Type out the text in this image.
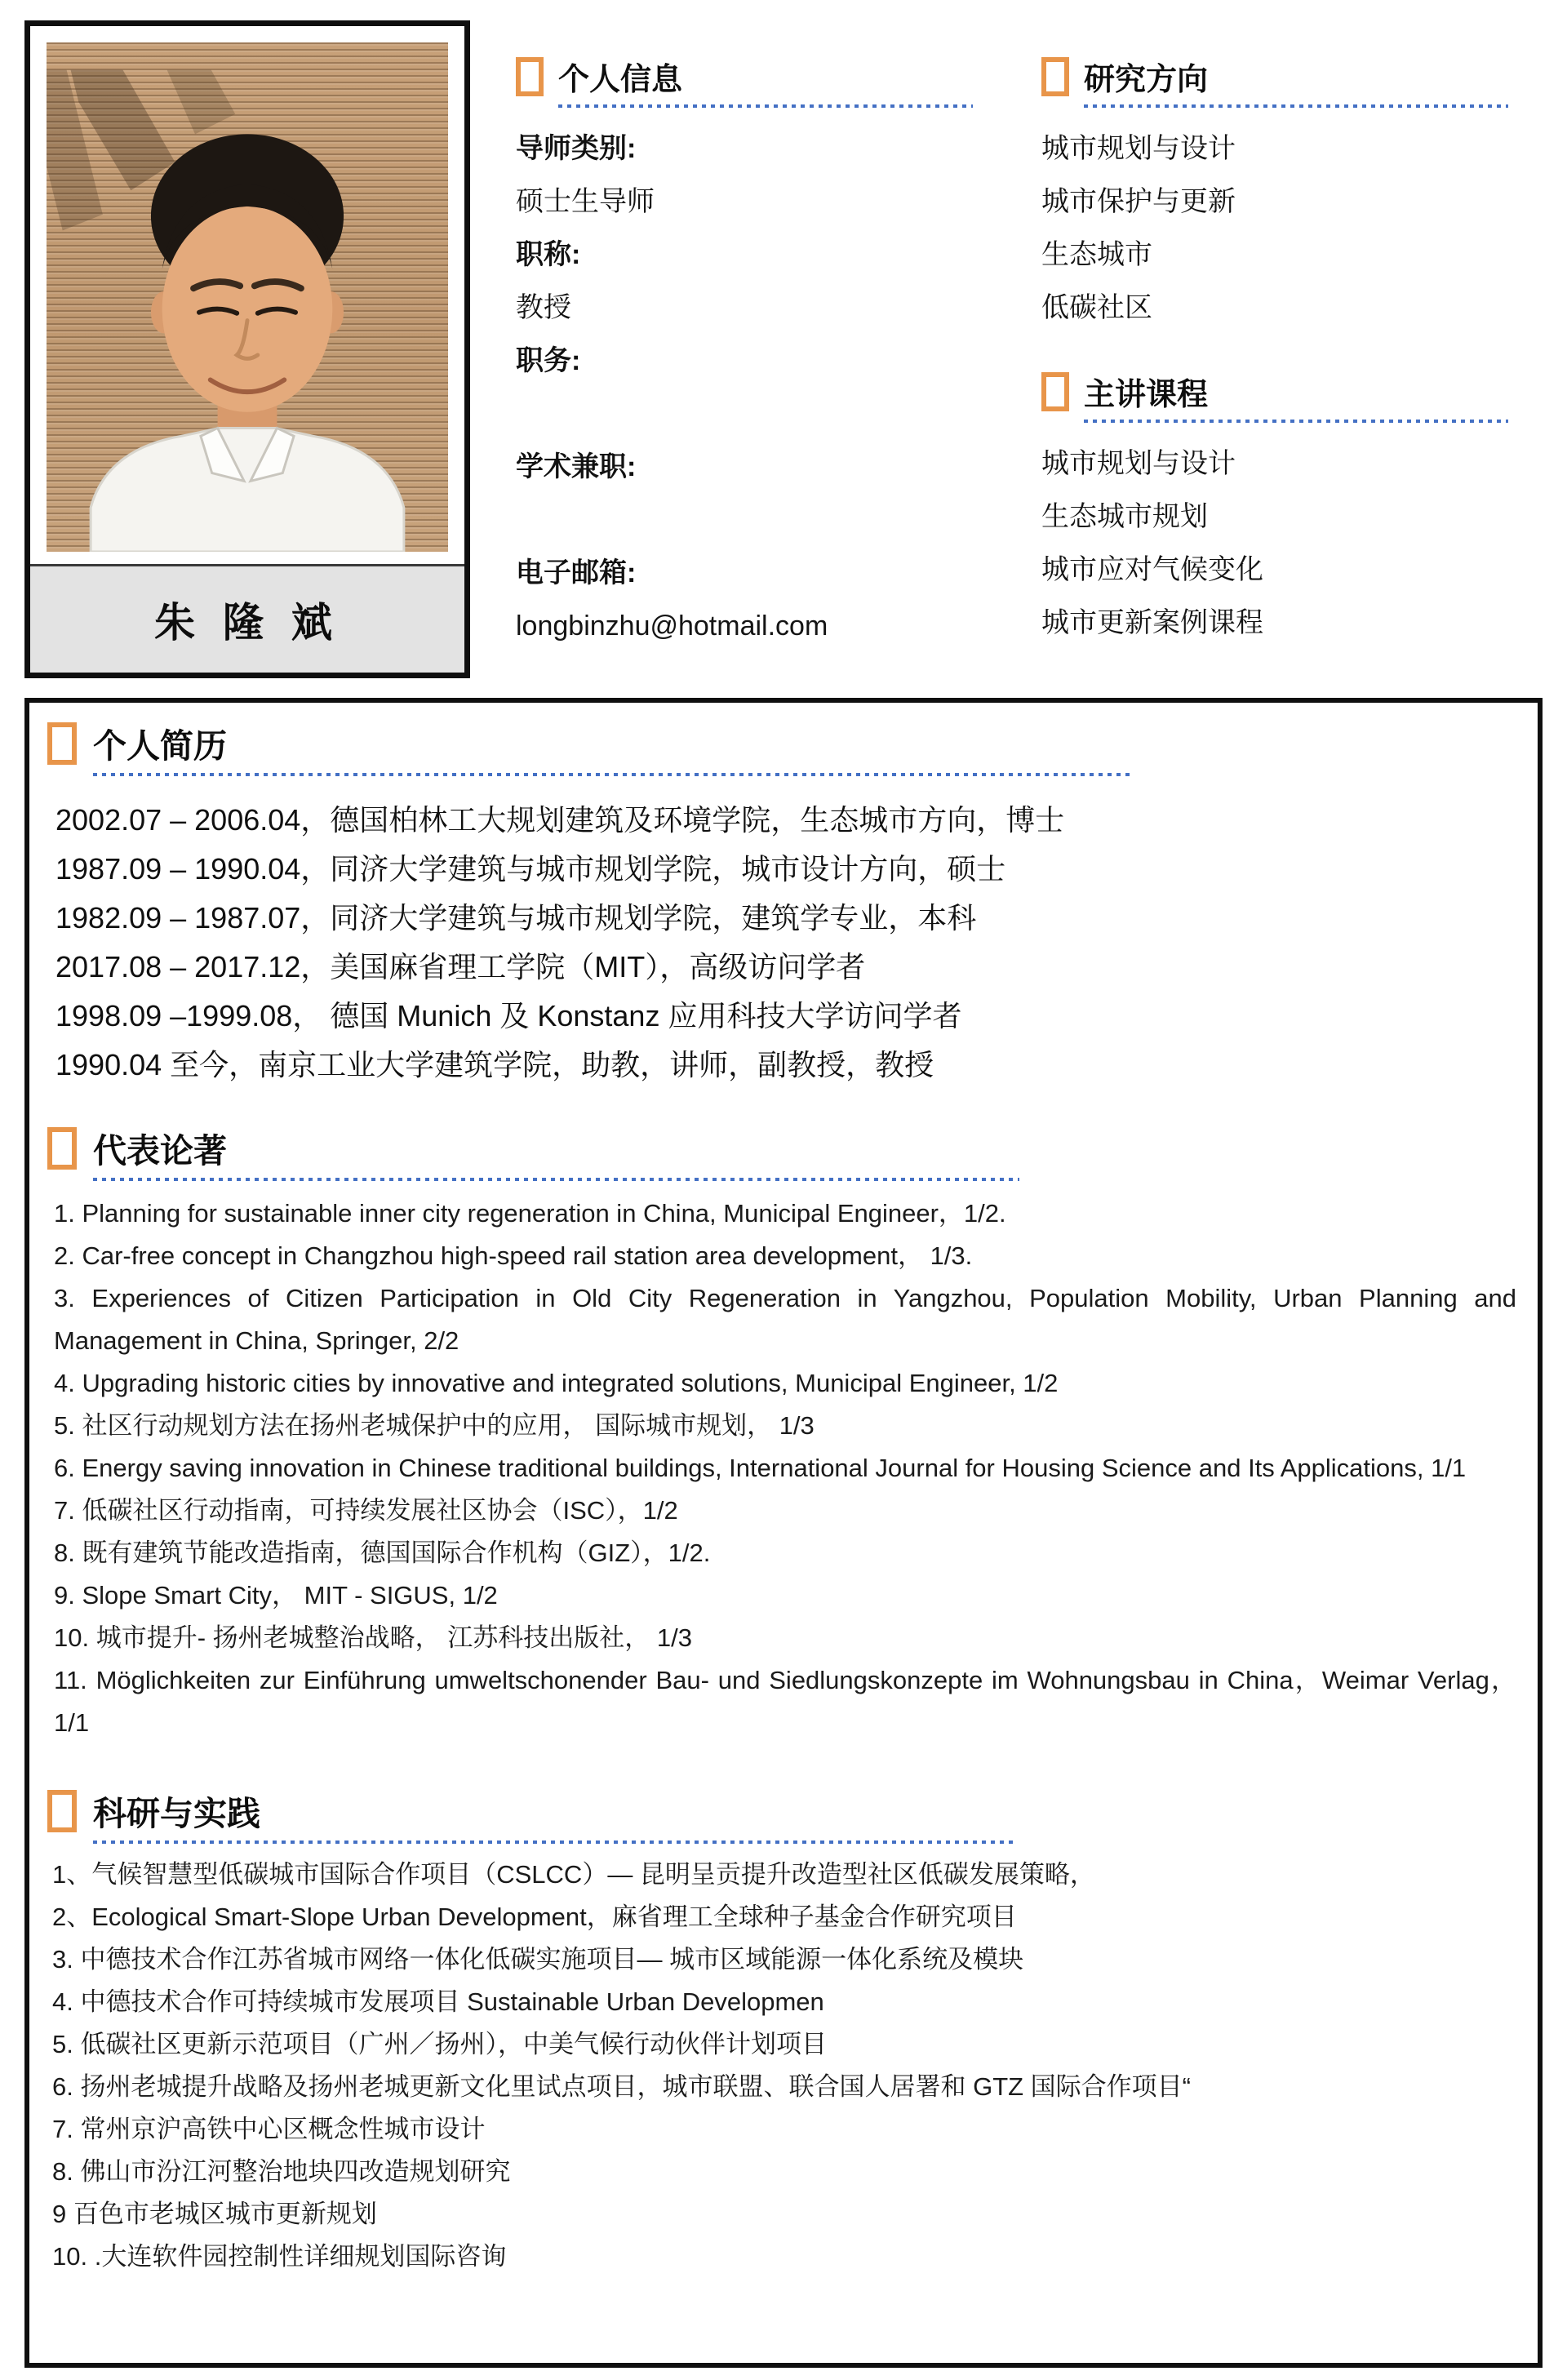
朱 隆 斌
个人信息
导师类别:
硕士生导师
职称:
教授
职务:
学术兼职:
电子邮箱:
longbinzhu@hotmail.com
研究方向
城市规划与设计
城市保护与更新
生态城市
低碳社区
主讲课程
城市规划与设计
生态城市规划
城市应对气候变化
城市更新案例课程
个人简历
2002.07 – 2006.04，德国柏林工大规划建筑及环境学院，生态城市方向，博士
1987.09 – 1990.04，同济大学建筑与城市规划学院，城市设计方向，硕士
1982.09 – 1987.07，同济大学建筑与城市规划学院，建筑学专业，本科
2017.08 – 2017.12，美国麻省理工学院（MIT），高级访问学者
1998.09 –1999.08， 德国 Munich 及 Konstanz 应用科技大学访问学者
1990.04 至今，南京工业大学建筑学院，助教，讲师，副教授，教授
代表论著
1. Planning for sustainable inner city regeneration in China, Municipal Engineer，1/2.
2. Car-free concept in Changzhou high-speed rail station area development， 1/3.
3. Experiences of Citizen Participation in Old City Regeneration in Yangzhou, Population Mobility, Urban Planning and Management in China, Springer, 2/2
4. Upgrading historic cities by innovative and integrated solutions, Municipal Engineer, 1/2
5. 社区行动规划方法在扬州老城保护中的应用， 国际城市规划， 1/3
6. Energy saving innovation in Chinese traditional buildings, International Journal for Housing Science and Its Applications, 1/1
7. 低碳社区行动指南，可持续发展社区协会（ISC），1/2
8. 既有建筑节能改造指南，德国国际合作机构（GIZ），1/2.
9. Slope Smart City， MIT - SIGUS, 1/2
10. 城市提升- 扬州老城整治战略， 江苏科技出版社， 1/3
11. Möglichkeiten zur Einführung umweltschonender Bau- und Siedlungskonzepte im Wohnungsbau in China，Weimar Verlag， 1/1
科研与实践
1、气候智慧型低碳城市国际合作项目（CSLCC）— 昆明呈贡提升改造型社区低碳发展策略，
2、Ecological Smart-Slope Urban Development，麻省理工全球种子基金合作研究项目
3. 中德技术合作江苏省城市网络一体化低碳实施项目— 城市区域能源一体化系统及模块
4. 中德技术合作可持续城市发展项目 Sustainable Urban Developmen
5. 低碳社区更新示范项目（广州／扬州），中美气候行动伙伴计划项目
6. 扬州老城提升战略及扬州老城更新文化里试点项目，城市联盟、联合国人居署和 GTZ 国际合作项目“
7. 常州京沪高铁中心区概念性城市设计
8. 佛山市汾江河整治地块四改造规划研究
9 百色市老城区城市更新规划
10. .大连软件园控制性详细规划国际咨询
